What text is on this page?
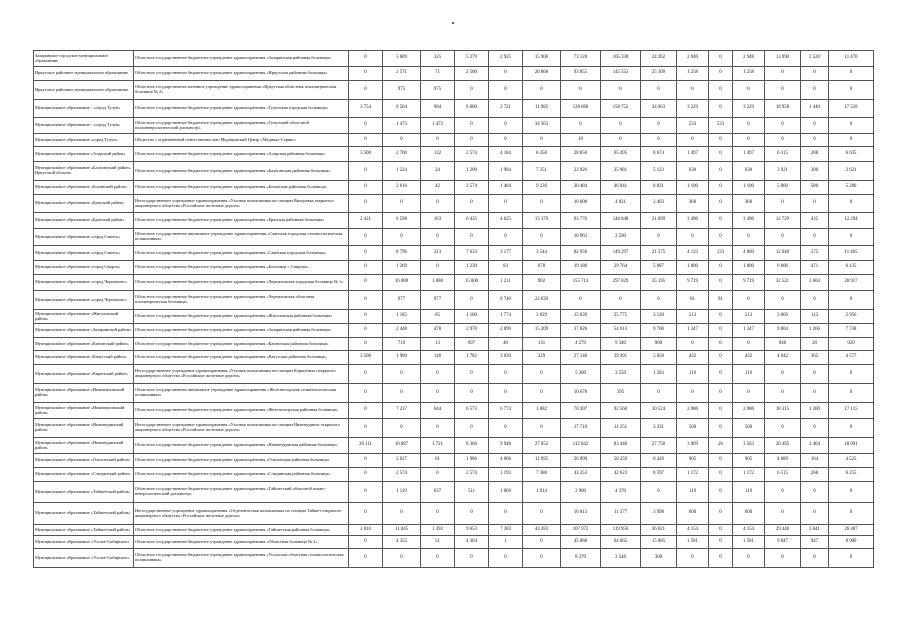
Заларинское городское муниципальное образование	Областное государственное бюджетное учреждение здравоохранения «Заларинская районная больница»	0	5 689	325	5 279	2 925	15 906	73 128	105 338	24 262	2 940	0	2 948	13 990	2 520	11 470
Иркутское районное муниципальное образование	Областное государственное бюджетное учреждение здравоохранения «Иркутская районная больница»	0	2 571	71	2 500	0	20 868	93 855	145 553	25 109	1 258	0	1 258	0	0	0
Иркутское районное муниципальное образование	Областное государственное казенное учреждение здравоохранения «Иркутская областная психиатрическая больница № 2»	0	975	975	0	0	0	0	0	0	0	0	0	0	0	0
Муниципальное образование - «город Тулун»	Областное государственное бюджетное учреждение здравоохранения «Тулунская городская больница»	3 754	9 504	904	8 600	2 721	11 985	128 668	158 752	34 963	3 229	0	3 229	18 958	1 440	17 518
Муниципальное образование - «город Тулун»	Областное государственное бюджетное учреждение здравоохранения «Тулунский областной психоневрологический диспансер»	0	1 473	1 473	0	0	34 563	0	0	0	533	533	0	0	0	0
Муниципальное образование «город Тулун»	Общество с ограниченной ответственностью Медицинский Центр «Медикал-Сервис»	0	0	0	0	0	0	10	0	0	0	0	0	0	0	0
Муниципальное образование «Аларский район»	Областное государственное бюджетное учреждение здравоохранения «Аларская районная больница»	3 500	2 706	132	2 574	4 184	8 358	28 850	65 495	8 674	1 497	0	1 497	6 315	280	6 035
Муниципальное образование «Балаганский район» Иркутской области	Областное государственное бюджетное учреждение здравоохранения «Балаганская районная больница»	0	1 224	24	1 200	1 984	7 351	22 926	35 981	5 123	630	0	630	3 921	300	3 621
Муниципальное образование «Боханский район»	Областное государственное бюджетное учреждение здравоохранения «Боханская районная больница»	0	2 616	42	2 574	1 404	9 239	30 484	46 941	8 831	1 100	0	1 100	5 860	580	5 280
Муниципальное образование «Братский район»	Негосударственное учреждение здравоохранения «Узловая поликлиника на станции Вихоревка открытого акционерного общества «Российские железные дороги»	0	0	0	0	0	0	10 008	4 831	2 403	360	0	360	0	0	0
Муниципальное образование «Братский район»	Областное государственное бюджетное учреждение здравоохранения «Братская районная больница»	2 421	6 598	163	6 435	4 625	15 179	93 770	146 848	21 099	3 496	0	3 496	12 729	435	12 294
Муниципальное образование «город Саянск»	Областное государственное автономное учреждение здравоохранения «Саянская городская стоматологическая поликлиника»	0	0	0	0	0	0	10 963	2 590	0	0	0	0	0	0	0
Муниципальное образование «город Саянск»	Областное государственное бюджетное учреждение здравоохранения «Саянская городская больница»	0	8 796	313	7 633	3 177	3 544	82 956	149 297	21 375	4 133	133	4 000	12 040	575	11 465
Муниципальное образование «город Свирск»	Областное государственное бюджетное учреждение здравоохранения «Больница г. Свирска»	0	1 269	0	1 230	83	678	19 180	29 764	5 087	1 000	0	1 000	6 606	471	6 135
Муниципальное образование «город Черемхово»	Областное государственное бюджетное учреждение здравоохранения «Черемховская городская больница № 1»	0	16 088	1 088	15 000	1 211	902	155 713	297 829	35 195	9 719	0	9 719	32 521	3 604	28 917
Муниципальное образование «город Черемхово»	Областное государственное бюджетное учреждение здравоохранения «Черемховская областная психиатрическая больница»	0	977	977	0	9 740	22 039	0	0	0	81	81	0	0	0	0
Муниципальное образование «Жигаловский район»	Областное государственное бюджетное учреждение здравоохранения «Жигаловская районная больница»	0	1 185	85	1 100	1 774	3 029	15 039	25 775	3 120	513	0	513	3 069	113	2 956
Муниципальное образование «Заларинский район»	Областное государственное бюджетное учреждение здравоохранения «Заларинская районная больница»	0	2 448	478	2 970	2 899	15 209	37 826	54 613	9 700	1 347	0	1 347	9 004	1 266	7 738
Муниципальное образование «Катангский район»	Областное государственное бюджетное учреждение здравоохранения «Катангская районная больница»	0	710	13	697	40	131	4 279	9 340	900	0	0	0	940	20	920
Муниципальное образование «Качугский район»	Областное государственное бюджетное учреждение здравоохранения «Качугская районная больница»	3 500	1 980	146	1 782	3 039	329	27 140	39 491	5 858	432	0	432	4 942	365	4 577
Муниципальное образование «Киренский район»	Негосударственное учреждение здравоохранения «Узловая поликлиника на станции Коршуниха открытого акционерного общества «Российские железные дороги»	0	0	0	0	0	0	5 300	2 550	1 283	110	0	110	0	0	0
Муниципальное образование «Нижнеилимский район»	Областное государственное автономное учреждение здравоохранения «Железногорская стоматологическая поликлиника»	0	0	0	0	0	0	10 678	395	0	0	0	0	0	0	0
Муниципальное образование «Нижнеилимский район»	Областное государственное бюджетное учреждение здравоохранения «Железногорская районная больница»	0	7 217	644	6 573	6 774	1 082	70 307	92 560	20 524	2 986	0	2 986	18 315	1 200	17 115
Муниципальное образование «Нижнеудинский район»	Негосударственное учреждение здравоохранения «Узловая поликлиника на станции Нижнеудинск открытого акционерного общества «Российские железные дороги»	0	0	0	0	0	0	17 710	11 251	3 331	500	0	500	0	0	0
Муниципальное образование «Нижнеудинский район»	Областное государственное бюджетное учреждение здравоохранения «Нижнеудинская районная больница»	26 111	10 087	1 721	8 366	9 948	27 052	112 042	83 440	27 758	3 969	26	3 563	20 495	2 404	18 091
Муниципальное образование «Ольхонский район»	Областное государственное бюджетное учреждение здравоохранения «Ольхонская районная больница»	0	2 027	61	1 986	4 066	11 095	26 899	58 259	6 420	905	0	905	4 689	164	4 525
Муниципальное образование «Слюдянский район»	Областное государственное бюджетное учреждение здравоохранения «Слюдянская районная больница»	0	2 574	0	2 574	1 193	7 388	43 253	42 623	8 597	1 172	0	1 172	6 515	260	6 255
Муниципальное образование «Тайшетский район»	Областное государственное бюджетное учреждение здравоохранения «Тайшетский областной кожно-венерологический диспансер»	0	1 119	637	511	1 069	1 914	2 900	4 370	0	119	0	119	0	0	0
Муниципальное образование «Тайшетский район»	Негосударственное учреждение здравоохранения «Отделенческая поликлиника на станции Тайшет открытого акционерного общества «Российские железные дороги»	0	0	0	0	0	0	16 813	11 377	3 998	600	0	600	0	0	0
Муниципальное образование «Тайшетский район»	Областное государственное бюджетное учреждение здравоохранения «Тайшетская районная больница»	2 810	11 045	1 392	9 653	7 383	43 283	107 972	119 956	36 021	4 154	0	4 154	29 448	3 041	26 407
Муниципальное образование «Усолье-Сибирское»	Областное государственное бюджетное учреждение здравоохранения «Областная больница № 2»	0	4 355	51	4 304	1	0	45 868	64 665	15 085	1 581	0	1 581	9 847	947	8 900
Муниципальное образование «Усолье-Сибирское»	Областное государственное бюджетное учреждение здравоохранения «Усольская областная стоматологическая поликлиника»	0	0	0	0	0	0	8 370	2 548	300	0	0	0	0	0	0
